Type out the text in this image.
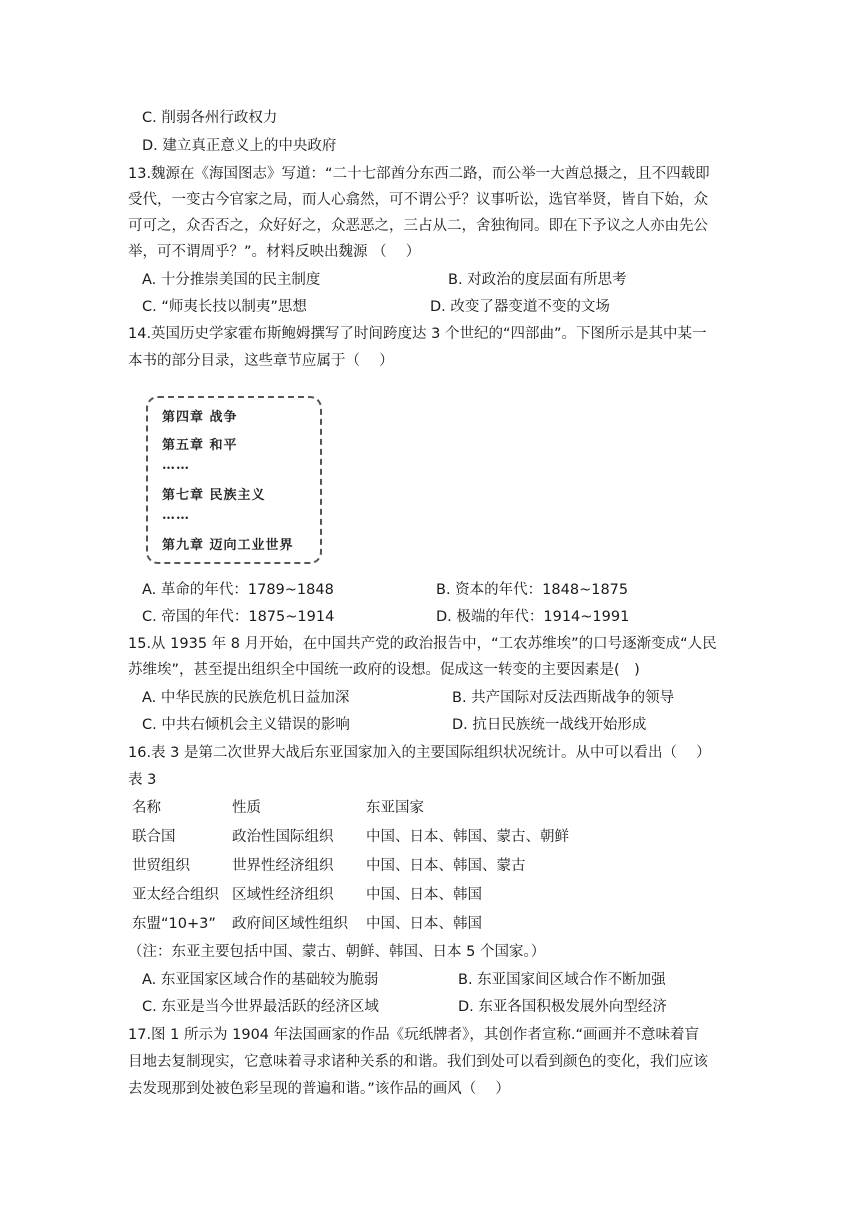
C. 削弱各州行政权力
D. 建立真正意义上的中央政府
13.魏源在《海国图志》写道：“二十七部酋分东西二路，而公举一大酋总摄之，且不四载即
受代，一变古今官家之局，而人心翕然，可不谓公乎？议事听讼，选官举贤，皆自下始，众
可可之，众否否之，众好好之，众恶恶之，三占从二，舍独徇同。即在下予议之人亦由先公
举，可不谓周乎？”。材料反映出魏源 （　 ）
A. 十分推崇美国的民主制度	B. 对政治的度层面有所思考
C. “师夷长技以制夷”思想	D. 改变了器变道不变的文场
14.英国历史学家霍布斯鲍姆撰写了时间跨度达 3 个世纪的“四部曲”。下图所示是其中某一
本书的部分目录，这些章节应属于（　 ）
第四章 战争
第五章 和平
……
第七章 民族主义
……
第九章 迈向工业世界
A. 革命的年代：1789~1848	B. 资本的年代：1848~1875
C. 帝国的年代：1875~1914	D. 极端的年代：1914~1991
15.从 1935 年 8 月开始，在中国共产党的政治报告中，“工农苏维埃”的口号逐渐变成“人民
苏维埃”，甚至提出组织全中国统一政府的设想。促成这一转变的主要因素是(　)
A. 中华民族的民族危机日益加深	B. 共产国际对反法西斯战争的领导
C. 中共右倾机会主义错误的影响	D. 抗日民族统一战线开始形成
16.表 3 是第二次世界大战后东亚国家加入的主要国际组织状况统计。从中可以看出（　 ）
表 3
名称	性质	东亚国家
联合国	政治性国际组织 中国、日本、韩国、蒙古、朝鲜
世贸组织	世界性经济组织 中国、日本、韩国、蒙古
亚太经合组织 区域性经济组织 中国、日本、韩国
东盟“10+3” 政府间区域性组织 中国、日本、韩国
（注：东亚主要包括中国、蒙古、朝鲜、韩国、日本 5 个国家。）
A. 东亚国家区域合作的基础较为脆弱	B. 东亚国家间区域合作不断加强
C. 东亚是当今世界最活跃的经济区域	D. 东亚各国积极发展外向型经济
17.图 1 所示为 1904 年法国画家的作品《玩纸牌者》，其创作者宣称.“画画并不意味着盲
目地去复制现实，它意味着寻求诸种关系的和谐。我们到处可以看到颜色的变化，我们应该
去发现那到处被色彩呈现的普遍和谐。”该作品的画风（　 ）
